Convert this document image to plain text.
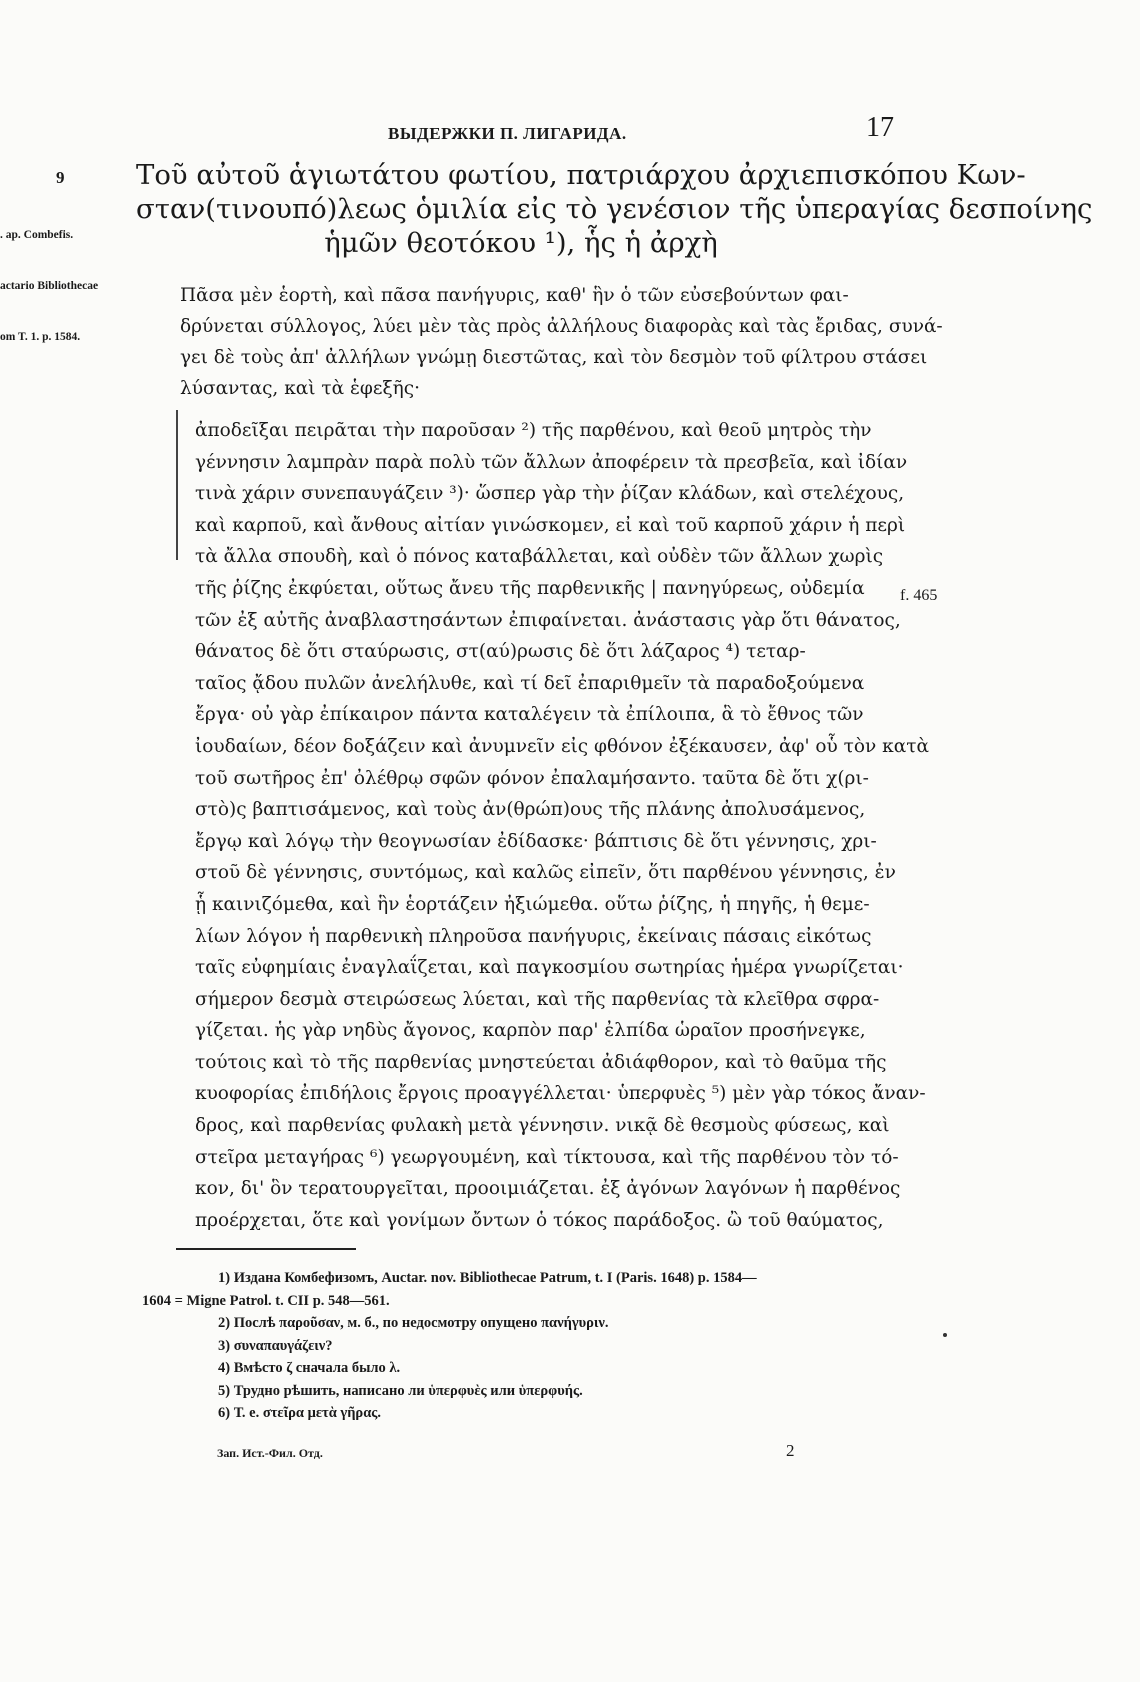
ВЫДЕРЖКИ П. ЛИГАРИДА.	17
9

. ap. Combefis.

actario Bibliothecae

om T. 1. p. 1584.

Τοῦ αὐτοῦ ἁγιωτάτου φωτίου, πατριάρχου ἀρχιεπισκόπου Κων-
σταν(τινουπό)λεως ὁμιλία εἰς τὸ γενέσιον τῆς ὑπεραγίας δεσποίνης
ἡμῶν θεοτόκου ¹), ἧς ἡ ἀρχὴ
Πᾶσα μὲν ἑορτὴ, καὶ πᾶσα πανήγυρις, καθ' ἣν ὁ τῶν εὐσεβούντων φαι-
δρύνεται σύλλογος, λύει μὲν τὰς πρὸς ἀλλήλους διαφορὰς καὶ τὰς ἔριδας, συνά-
γει δὲ τοὺς ἀπ' ἀλλήλων γνώμῃ διεστῶτας, καὶ τὸν δεσμὸν τοῦ φίλτρου στάσει
λύσαντας, καὶ τὰ ἑφεξῆς·
ἀποδεῖξαι πειρᾶται τὴν παροῦσαν ²) τῆς παρθένου, καὶ θεοῦ μητρὸς τὴν
γέννησιν λαμπρὰν παρὰ πολὺ τῶν ἄλλων ἀποφέρειν τὰ πρεσβεῖα, καὶ ἰδίαν
τινὰ χάριν συνεπαυγάζειν ³)· ὥσπερ γὰρ τὴν ῥίζαν κλάδων, καὶ στελέχους,
καὶ καρποῦ, καὶ ἄνθους αἰτίαν γινώσκομεν, εἰ καὶ τοῦ καρποῦ χάριν ἡ περὶ
τὰ ἄλλα σπουδὴ, καὶ ὁ πόνος καταβάλλεται, καὶ οὐδὲν τῶν ἄλλων χωρὶς
τῆς ῥίζης ἐκφύεται, οὕτως ἄνευ τῆς παρθενικῆς | πανηγύρεως, οὐδεμία
τῶν ἐξ αὐτῆς ἀναβλαστησάντων ἐπιφαίνεται. ἀνάστασις γὰρ ὅτι θάνατος,
θάνατος δὲ ὅτι σταύρωσις, στ(αύ)ρωσις δὲ ὅτι λάζαρος ⁴) τεταρ-
ταῖος ᾄδου πυλῶν ἀνελήλυθε, καὶ τί δεῖ ἐπαριθμεῖν τὰ παραδοξούμενα
ἔργα· οὐ γὰρ ἐπίκαιρον πάντα καταλέγειν τὰ ἐπίλοιπα, ἃ τὸ ἔθνος τῶν
ἰουδαίων, δέον δοξάζειν καὶ ἀνυμνεῖν εἰς φθόνον ἐξέκαυσεν, ἀφ' οὗ τὸν κατὰ
τοῦ σωτῆρος ἐπ' ὀλέθρῳ σφῶν φόνον ἐπαλαμήσαντο. ταῦτα δὲ ὅτι χ(ρι-
στὸ)ς βαπτισάμενος, καὶ τοὺς ἀν(θρώπ)ους τῆς πλάνης ἀπολυσάμενος,
ἔργῳ καὶ λόγῳ τὴν θεογνωσίαν ἐδίδασκε· βάπτισις δὲ ὅτι γέννησις, χρι-
στοῦ δὲ γέννησις, συντόμως, καὶ καλῶς εἰπεῖν, ὅτι παρθένου γέννησις, ἐν
ᾗ καινιζόμεθα, καὶ ἣν ἑορτάζειν ἠξιώμεθα. οὕτω ῥίζης, ἡ πηγῆς, ἡ θεμε-
λίων λόγον ἡ παρθενικὴ πληροῦσα πανήγυρις, ἐκείναις πάσαις εἰκότως
ταῖς εὐφημίαις ἐναγλαΐζεται, καὶ παγκοσμίου σωτηρίας ἡμέρα γνωρίζεται·
σήμερον δεσμὰ στειρώσεως λύεται, καὶ τῆς παρθενίας τὰ κλεῖθρα σφρα-
γίζεται. ἡς γὰρ νηδὺς ἄγονος, καρπὸν παρ' ἐλπίδα ὡραῖον προσήνεγκε,
τούτοις καὶ τὸ τῆς παρθενίας μνηστεύεται ἀδιάφθορον, καὶ τὸ θαῦμα τῆς
κυοφορίας ἐπιδήλοις ἔργοις προαγγέλλεται· ὑπερφυὲς ⁵) μὲν γὰρ τόκος ἄναν-
δρος, καὶ παρθενίας φυλακὴ μετὰ γέννησιν. νικᾷ δὲ θεσμοὺς φύσεως, καὶ
στεῖρα μεταγήρας ⁶) γεωργουμένη, καὶ τίκτουσα, καὶ τῆς παρθένου τὸν τό-
κον, δι' ὃν τερατουργεῖται, προοιμιάζεται. ἐξ ἀγόνων λαγόνων ἡ παρθένος
προέρχεται, ὅτε καὶ γονίμων ὄντων ὁ τόκος παράδοξος. ὢ τοῦ θαύματος,
f. 465
1) Издана Комбефизомъ, Auctar. nov. Bibliothecae Patrum, t. I (Paris. 1648) p. 1584—
1604 = Migne Patrol. t. CII p. 548—561.
2) Послѣ παροῦσαν, м. б., по недосмотру опущено πανήγυριν.
3) συναπαυγάζειν?
4) Вмѣсто ζ сначала было λ.
5) Трудно рѣшить, написано ли ὑπερφυὲς или ὑπερφυής.
6) Т. е. στεῖρα μετὰ γῆρας.
Зап. Ист.-Фил. Отд.	2
